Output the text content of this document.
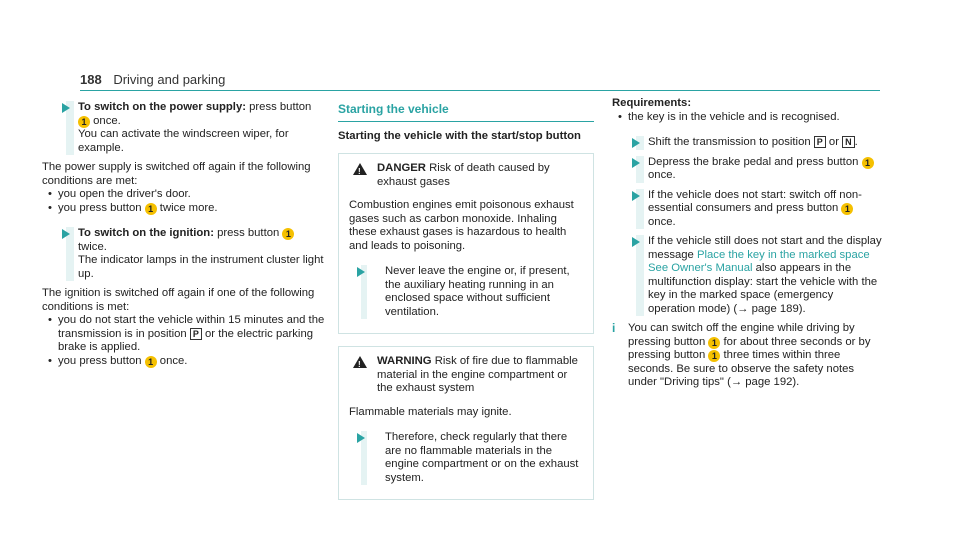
188 Driving and parking

To switch on the power supply: press button 1 once.

You can activate the windscreen wiper, for example.

The power supply is switched off again if the following conditions are met:

• you open the driver's door.
• you press button 1 twice more.

To switch on the ignition: press button 1 twice.

The indicator lamps in the instrument cluster light up.

The ignition is switched off again if one of the following conditions is met:

• you do not start the vehicle within 15 minutes and the transmission is in position P or the electric parking brake is applied.
• you press button 1 once.
Starting the vehicle
Starting the vehicle with the start/stop button
! DANGER Risk of death caused by exhaust gases

Combustion engines emit poisonous exhaust gases such as carbon monoxide. Inhaling these exhaust gases is hazardous to health and leads to poisoning.

Never leave the engine or, if present, the auxiliary heating running in an enclosed space without sufficient ventilation.

! WARNING Risk of fire due to flammable material in the engine compartment or the exhaust system

Flammable materials may ignite.

Therefore, check regularly that there are no flammable materials in the engine compartment or on the exhaust system.

Requirements:

• the key is in the vehicle and is recognised.

Shift the transmission to position P or N .

Depress the brake pedal and press button 1 once.

If the vehicle does not start: switch off non-essential consumers and press button 1 once.

If the vehicle still does not start and the display message Place the key in the marked space See Owner's Manual also appears in the multifunction display: start the vehicle with the key in the marked space (emergency operation mode) (→ page 189).

i You can switch off the engine while driving by pressing button 1 for about three seconds or by pressing button 1 three times within three seconds. Be sure to observe the safety notes under "Driving tips" (→ page 192).
